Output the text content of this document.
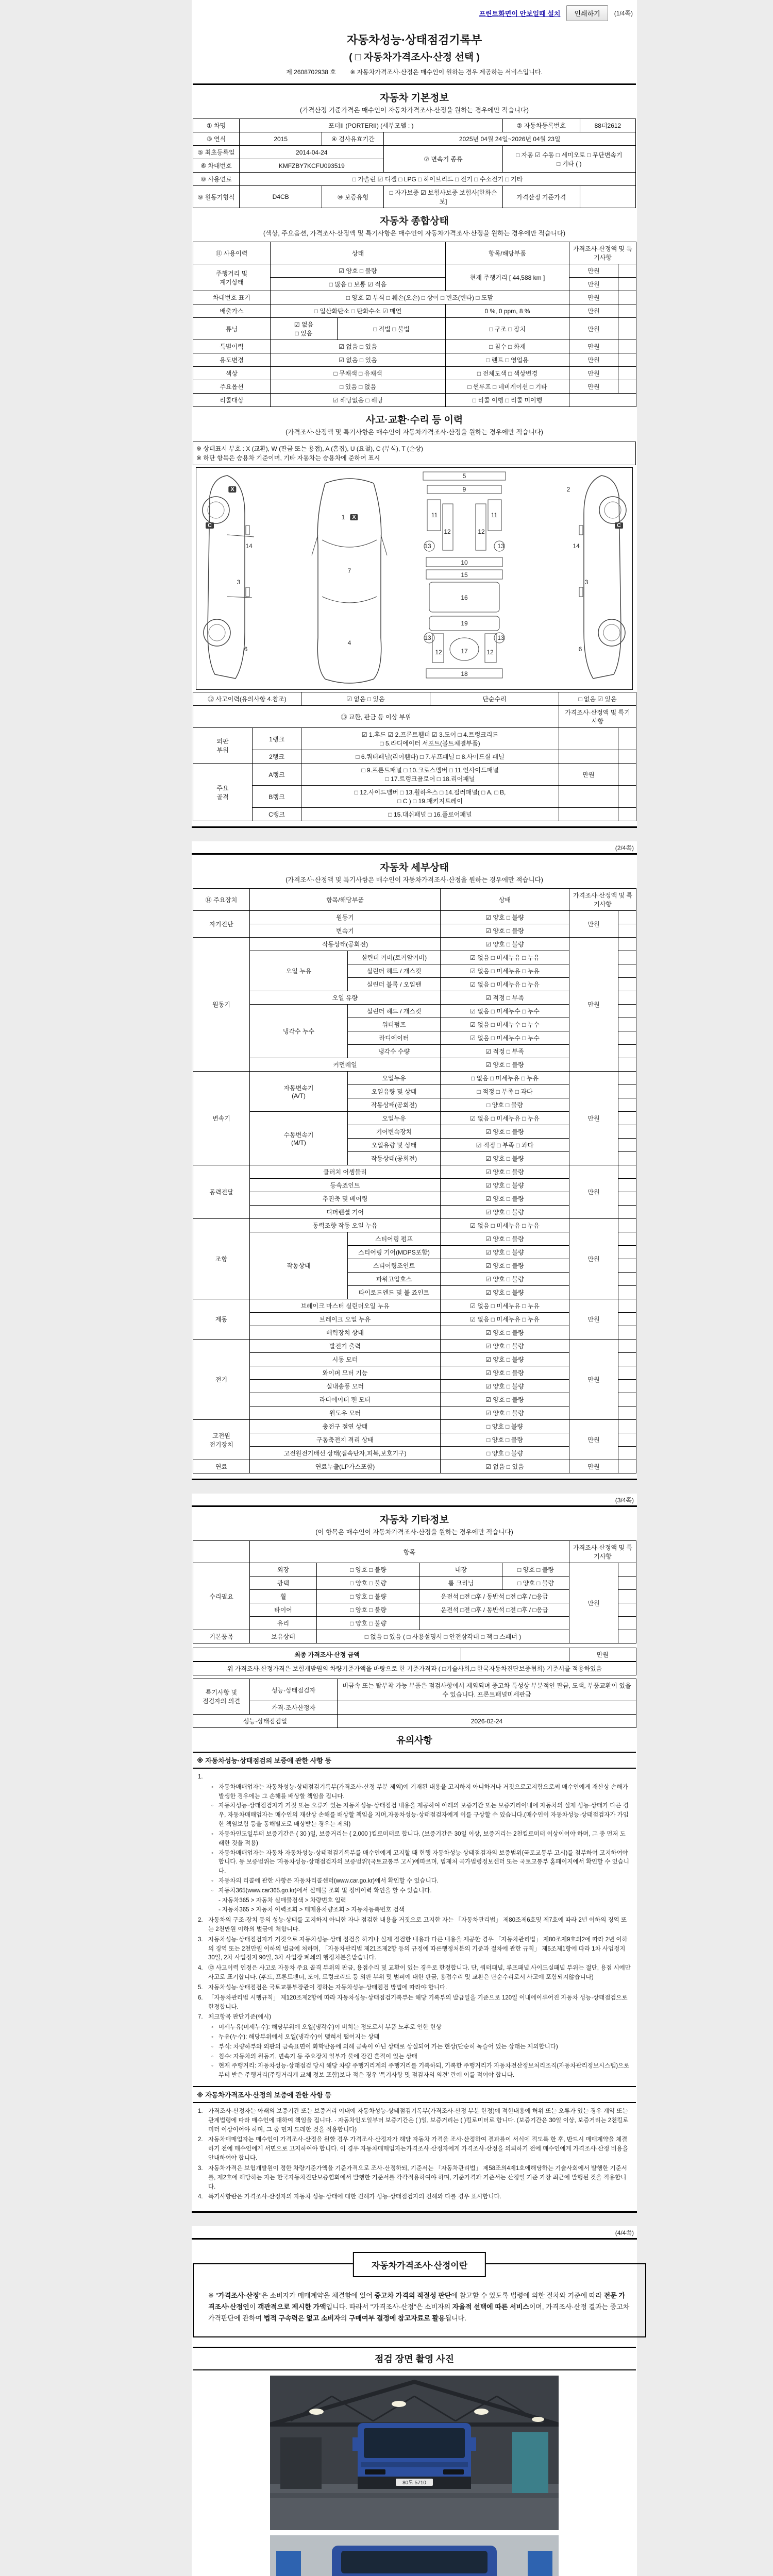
프린트화면이 안보일때 설치	인쇄하기	(1/4쪽)
자동차성능·상태점검기록부
( □ 자동차가격조사·산정 선택 )
제 2608702938 호 ※ 자동차가격조사·산정은 매수인이 원하는 경우 제공하는 서비스입니다.
자동차 기본정보
(가격산정 기준가격은 매수인이 자동차가격조사·산정을 원하는 경우에만 적습니다)
① 차명	포터II (PORTERII) (세부모델 : )			② 자동차등록번호	88더2612
③ 연식	2015	④ 검사유효기간	2025년 04월 24일~2026년 04월 23일		
⑤ 최초등록일	2014-04-24		⑦ 변속기 종류	□ 자동 ☑ 수동 □ 세미오토 □ 무단변속기
□ 기타 ( )	
⑥ 차대번호	KMFZBY7KCFU093519				
⑧ 사용연료	□ 가솔린 ☑ 디젤 □ LPG □ 하이브리드 □ 전기 □ 수소전기 □ 기타				
⑨ 원동기형식	D4CB	⑩ 보증유형	□ 자가보증 ☑ 보험사보증 보험사[한화손보]	가격산정 기준가격	
자동차 종합상태
(색상, 주요옵션, 가격조사·산정액 및 특기사항은 매수인이 자동차가격조사·산정을 원하는 경우에만 적습니다)
⑪ 사용이력	상태		항목/해당부품	가격조사·산정액 및 특기사항	
주행거리 및
계기상태	☑ 양호 □ 불량		현재 주행거리 [ 44,588 km ]	만원	
	□ 많음 □ 보통 ☑ 적음			만원	
차대번호 표기	□ 양호 ☑ 부식 □ 훼손(오손) □ 상이 □ 변조(변타) □ 도말			만원	
배출가스	□ 일산화탄소 □ 탄화수소 ☑ 매연		0 %, 0 ppm, 8 %	만원	
튜닝	☑ 없음
□ 있음	□ 적법 □ 불법	□ 구조 □ 장치	만원	
특별이력	☑ 없음 □ 있음		□ 침수 □ 화재	만원	
용도변경	☑ 없음 □ 있음		□ 렌트 □ 영업용	만원	
색상	□ 무채색 □ 유채색		□ 전체도색 □ 색상변경	만원	
주요옵션	□ 있음 □ 없음		□ 썬루프 □ 네비게이션 □ 기타	만원	
리콜대상	☑ 해당없음 □ 해당		□ 리콜 이행 □ 리콜 미이행		
사고·교환·수리 등 이력
(가격조사·산정액 및 특기사항은 매수인이 자동차가격조사·산정을 원하는 경우에만 적습니다)
※ 상태표시 부호 : X (교환), W (판금 또는 용접), A (흠집), U (요철), C (부식), T (손상)
※ 하단 항목은 승용차 기준이며, 기타 자동차는 승용차에 준하여 표시
X
C
14
3
6
1	X
7
4
5
9
11	11
12	12
13	13
10
15
16
19
13	13
12	12
17
18
2
C
14
3
6
⑫ 사고이력(유의사항 4.참조)		☑ 없음 □ 있음	단순수리	□ 없음 ☑ 있음	
⑬ 교환, 판금 등 이상 부위				가격조사·산정액 및 특기사항	
외판
부위	1랭크	☑ 1.후드 ☑ 2.프론트휀더 ☑ 3.도어 □ 4.트렁크리드
□ 5.라디에이터 서포트(볼트체결부품)			
	2랭크	□ 6.쿼터패널(리어휀다) □ 7.루프패널 □ 8.사이드실 패널			
주요
골격	A랭크	□ 9.프론트패널 □ 10.크로스멤버 □ 11.인사이드패널
□ 17.트렁크플로어 □ 18.리어패널		만원	
	B랭크	□ 12.사이드멤버 □ 13.휠하우스 □ 14.필러패널( □ A, □ B,
□ C ) □ 19.패키지트레이			
	C랭크	□ 15.대쉬패널 □ 16.플로어패널			
(2/4쪽)
자동차 세부상태
(가격조사·산정액 및 특기사항은 매수인이 자동차가격조사·산정을 원하는 경우에만 적습니다)
⑭ 주요장치	항목/해당부품		상태	가격조사·산정액 및 특기사항	
자기진단	원동기		☑ 양호 □ 불량	만원	
	변속기		☑ 양호 □ 불량		
원동기	작동상태(공회전)		☑ 양호 □ 불량	만원	
	오일 누유	실린더 커버(로커암커버)	☑ 없음 □ 미세누유 □ 누유		
		실린더 헤드 / 개스킷	☑ 없음 □ 미세누유 □ 누유		
		실린더 블록 / 오일팬	☑ 없음 □ 미세누유 □ 누유		
	오일 유량		☑ 적정 □ 부족		
	냉각수 누수	실린더 헤드 / 개스킷	☑ 없음 □ 미세누수 □ 누수		
		워터펌프	☑ 없음 □ 미세누수 □ 누수		
		라디에이터	☑ 없음 □ 미세누수 □ 누수		
		냉각수 수량	☑ 적정 □ 부족		
	커먼레일		☑ 양호 □ 불량		
변속기	자동변속기
(A/T)	오일누유	□ 없음 □ 미세누유 □ 누유	만원	
		오일유량 및 상태	□ 적정 □ 부족 □ 과다		
		작동상태(공회전)	□ 양호 □ 불량		
	수동변속기
(M/T)	오일누유	☑ 없음 □ 미세누유 □ 누유		
		기어변속장치	☑ 양호 □ 불량		
		오일유량 및 상태	☑ 적정 □ 부족 □ 과다		
		작동상태(공회전)	☑ 양호 □ 불량		
동력전달	클러치 어셈블리		☑ 양호 □ 불량	만원	
	등속죠인트		☑ 양호 □ 불량		
	추진축 및 베어링		☑ 양호 □ 불량		
	디퍼렌셜 기어		☑ 양호 □ 불량		
조향	동력조향 작동 오일 누유		☑ 없음 □ 미세누유 □ 누유	만원	
	작동상태	스티어링 펌프	☑ 양호 □ 불량		
		스티어링 기어(MDPS포함)	☑ 양호 □ 불량		
		스티어링조인트	☑ 양호 □ 불량		
		파워고압호스	☑ 양호 □ 불량		
		타이로드엔드 및 볼 죠인트	☑ 양호 □ 불량		
제동	브레이크 마스터 실린더오일 누유		☑ 없음 □ 미세누유 □ 누유	만원	
	브레이크 오일 누유		☑ 없음 □ 미세누유 □ 누유		
	배력장치 상태		☑ 양호 □ 불량		
전기	발전기 출력		☑ 양호 □ 불량	만원	
	시동 모터		☑ 양호 □ 불량		
	와이퍼 모터 기능		☑ 양호 □ 불량		
	실내송풍 모터		☑ 양호 □ 불량		
	라디에이터 팬 모터		☑ 양호 □ 불량		
	윈도우 모터		☑ 양호 □ 불량		
고전원
전기장치	충전구 절연 상태		□ 양호 □ 불량	만원	
	구동축전지 격리 상태		□ 양호 □ 불량		
	고전원전기배선 상태(접속단자,피복,보호기구)		□ 양호 □ 불량		
연료	연료누출(LP가스포함)		☑ 없음 □ 있음	만원	
(3/4쪽)
자동차 기타정보
(이 항목은 매수인이 자동차가격조사·산정을 원하는 경우에만 적습니다)
	항목				가격조사·산정액 및 특기사항	
수리필요	외장	□ 양호 □ 불량	내장	□ 양호 □ 불량	만원	
	광택	□ 양호 □ 불량	룸 크리닝	□ 양호 □ 불량		
	휠	□ 양호 □ 불량	운전석 □전 □후 / 동반석 □전 □후 / □응급			
	타이어	□ 양호 □ 불량	운전석 □전 □후 / 동반석 □전 □후 / □응급			
	유리	□ 양호 □ 불량				
기본품목	보유상태	□ 없음 □ 있음 ( □ 사용설명서 □ 안전삼각대 □ 잭 □ 스패너 )				
최종 가격조사·산정 금액		만원
위 가격조사·산정가격은 보험개발원의 차량기준가액을 바탕으로 한 기준가격과 ( □기술사회,□ 한국자동차진단보증협회) 기준서를 적용하였음
특기사항 및
점검자의 의견	성능·상태점검자	비금속 또는 탈부착 가능 부품은 점검사항에서 제외되며 중고차 특성상 부분적인 판금, 도색, 부품교환이 있을 수 있습니다. 프론트패널미세판금
	가격·조사산정자	
성능·상태점검일		2026-02-24
유의사항
※ 자동차성능·상태점검의 보증에 관한 사항 등
1.
◦ 자동차매매업자는 자동차성능·상태점검기록부(가격조사·산정 부분 제외)에 기재된 내용을 고지하지 아니하거나 거짓으로고지함으로써 매수인에게 재산상 손해가 발생한 경우에는 그 손해를 배상할 책임을 집니다.
◦ 자동차성능·상태점검자가 거짓 또는 오류가 있는 자동차성능·상태점검 내용을 제공하여 아래의 보증기간 또는 보증거리이내에 자동차의 실제 성능·상태가 다른 경우, 자동차매매업자는 매수인의 재산상 손해를 배상할 책임을 지며,자동차성능·상태점검자에게 이를 구상할 수 있습니다.(매수인이 자동차성능·상태점검자가 가입한 책임보험 등을 통해별도로 배상받는 경우는 제외)
◦ 자동차인도일부터 보증기간은 ( 30 )일, 보증거리는 ( 2,000 )킬로미터로 합니다. (보증기간은 30일 이상, 보증거리는 2천킬로미터 이상이어야 하며, 그 중 먼저 도래한 것을 적용)
◦ 자동차매매업자는 자동차 자동차성능·상태점검기록부를 매수인에게 고지할 때 현행 자동차성능·상태점검자의 보증범위(국토교통부 고시)를 첨부하여 고지하여야 합니다. 동 보증범위는 '자동차성능·상태점검자의 보증범위'(국토교통부 고시)에따르며, 법제처 국가법령정보센터 또는 국토교통부 홈페이지에서 확인할 수 있습니다.
◦ 자동차의 리콜에 관한 사항은 자동차리콜센터(www.car.go.kr)에서 확인할 수 있습니다.
◦ 자동차365(www.car365.go.kr)에서 실매물 조회 및 정비이력 확인을 할 수 있습니다.
- 자동차365 > 자동차 실매물검색 > 차량번호 입력
- 자동차365 > 자동차 이력조회 > 매매용차량조회 > 자동차등록번호 검색
2. 자동차의 구조·장치 등의 성능·상태를 고지하지 아니한 자나 점검한 내용을 거짓으로 고지한 자는 「자동차관리법」 제80조제6호및 제7호에 따라 2년 이하의 징역 또는 2천만원 이하의 벌금에 처합니다.
3. 자동차성능·상태점검자가 거짓으로 자동차성능·상태 점검을 하거나 실제 점검한 내용과 다른 내용을 제공한 경우 「자동차관리법」 제80조제9호의2에 따라 2년 이하의 징역 또는 2천만원 이하의 벌금에 처하며, 「자동차관리법 제21조제2항 등의 규정에 따른행정처분의 기준과 절차에 관한 규칙」 제5조제1항에 따라 1차 사업정지 30일, 2차 사업정지 90일, 3차 사업장 폐쇄의 행정처분을받습니다.
4. ⑫ 사고이력 인정은 사고로 자동차 주요 골격 부위의 판금, 용접수리 및 교환이 있는 경우로 한정합니다. 단, 쿼터패널, 루프패널,사이드실패널 부위는 절단, 용접 시에만 사고로 표기합니다. (후드, 프론트펜더, 도어, 트렁크리드 등 외판 부위 및 범퍼에 대한 판금, 용접수리 및 교환은 단순수리로서 사고에 포함되지않습니다)
5. 자동차성능·상태점검은 국토교통부장관이 정하는 자동차성능·상태점검 방법에 따라야 합니다.
6. 「자동차관리법 시행규칙」 제120조제2항에 따라 자동차성능·상태점검기록부는 해당 기록부의 발급일을 기준으로 120일 이내에이루어진 자동차 성능·상태점검으로 한정합니다.
7. 체크항목 판단기준(예시)
◦ 미세누유(미세누수): 해당부위에 오일(냉각수)이 비치는 정도로서 부품 노후로 인한 현상
◦ 누유(누수): 해당부위에서 오일(냉각수)이 맺혀서 떨어지는 상태
◦ 부식: 차량하부와 외판의 금속표면이 화학반응에 의해 금속이 아닌 상태로 상실되어 가는 현상(단순히 녹슬어 있는 상태는 제외합니다)
◦ 침수: 자동차의 원동기, 변속기 등 주요장치 일부가 물에 잠긴 흔적이 있는 상태
◦ 현재 주행거리: 자동차성능·상태점검 당시 해당 차량 주행거리계의 주행거리를 기록하되, 기록한 주행거리가 자동차전산정보처리조직(자동차관리정보시스템)으로부터 받은 주행거리(주행거리계 교체 정보 포함)보다 적은 경우 '특기사항 및 점검자의 의견' 란에 이를 적어야 합니다.
※ 자동차가격조사·산정의 보증에 관한 사항 등
1. 가격조사·산정자는 아래의 보증기간 또는 보증거리 이내에 자동차성능·상태점검기록부(가격조사·산정 부분 한정)에 적힌내용에 허위 또는 오류가 있는 경우 계약 또는 관계법령에 따라 매수인에 대하여 책임을 집니다. · 자동차인도일부터 보증기간은 ( )일, 보증거리는 ( )킬로미터로 합니다. (보증기간은 30일 이상, 보증거리는 2천킬로미터 이상이어야 하며, 그 중 먼저 도래한 것을 적용합니다)
2. 자동차매매업자는 매수인이 가격조사·산정을 원할 경우 가격조사·산정자가 해당 자동차 가격을 조사·산정하여 결과를이 서식에 적도록 한 후, 반드시 매매계약을 체결하기 전에 매수인에게 서면으로 고지하여야 합니다. 이 경우 자동차매매업자는가격조사·산정자에게 가격조사·산정을 의뢰하기 전에 매수인에게 가격조사·산정 비용을 안내하여야 합니다.
3. 자동차가격은 보험개발원이 정한 차량기준가액을 기준가격으로 조사·산정하되, 기준서는 「자동차관리법」 제58조의4제1호에해당하는 기술사회에서 발행한 기준서를, 제2호에 해당하는 자는 한국자동차진단보증협회에서 발행한 기준서를 각각적용하여야 하며, 기준가격과 기준서는 산정일 기준 가장 최근에 발행된 것을 적용합니다.
4. 특기사항란은 가격조사·산정자의 자동차 성능·상태에 대한 견해가 성능·상태점검자의 견해와 다를 경우 표시합니다.
(4/4쪽)
자동차가격조사·산정이란
※ "가격조사·산정"은 소비자가 매매계약을 체결함에 있어 중고차 가격의 적절성 판단에 참고할 수 있도록 법령에 의한 절차와 기준에 따라 전문 가격조사·산정인이 객관적으로 제시한 가액입니다. 따라서 "가격조사·산정"은 소비자의 자율적 선택에 따른 서비스이며, 가격조사·산정 결과는 중고차 가격판단에 관하여 법적 구속력은 없고 소비자의 구매여부 결정에 참고자료로 활용됩니다.
점검 장면 촬영 사진
80도 5710
